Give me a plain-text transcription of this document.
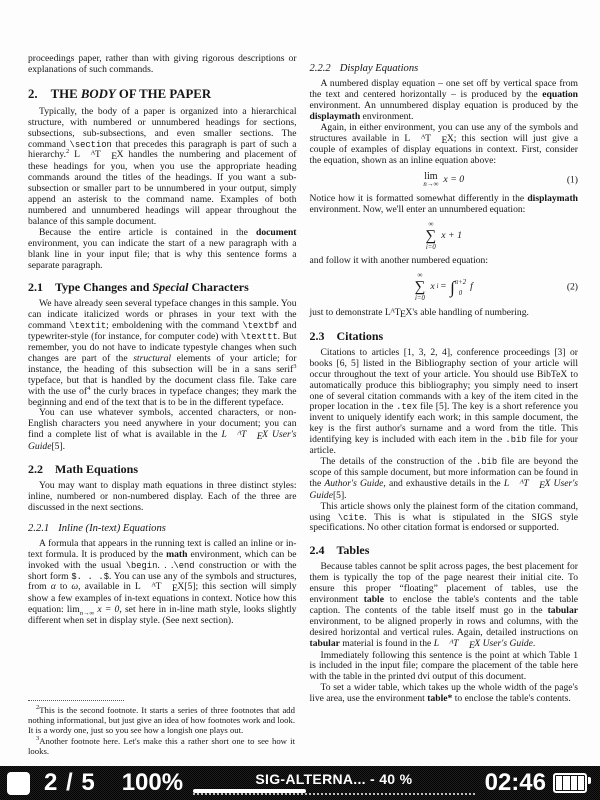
proceedings paper, rather than with giving rigorous descriptions or explanations of such commands.
2. THE BODY OF THE PAPER
Typically, the body of a paper is organized into a hierarchical structure, with numbered or unnumbered headings for sections, subsections, sub-subsections, and even smaller sections. The command \section that precedes this paragraph is part of such a hierarchy.$^2$ L AT EX handles the numbering and placement of these headings for you, when you use the appropriate heading commands around the titles of the headings. If you want a sub-subsection or smaller part to be unnumbered in your output, simply append an asterisk to the command name. Examples of both numbered and unnumbered headings will appear throughout the balance of this sample document.
Because the entire article is contained in the document environment, you can indicate the start of a new paragraph with a blank line in your input file; that is why this sentence forms a separate paragraph.
2.1 Type Changes and Special Characters
We have already seen several typeface changes in this sample. You can indicate italicized words or phrases in your text with the command \textit; emboldening with the command \textbf and typewriter-style (for instance, for computer code) with \texttt. But remember, you do not have to indicate typestyle changes when such changes are part of the structural elements of your article; for instance, the heading of this subsection will be in a sans serif$^3$ typeface, but that is handled by the document class file. Take care with the use $of^4$ the curly braces in typeface changes; they mark the beginning and end of the text that is to be in the different typeface.
You can use whatever symbols, accented characters, or non-English characters you need anywhere in your document; you can find a complete list of what is available in the L AT EX User's Guide[5].
2.2 Math Equations
You may want to display math equations in three distinct styles: inline, numbered or non-numbered display. Each of the three are discussed in the next sections.
2.2.1 Inline (In-text) Equations
A formula that appears in the running text is called an inline or in-text formula. It is produced by the math environment, which can be invoked with the usual \begin. . .\end construction or with the short form $. . .$. You can use any of the symbols and structures, from α to ω, available in L AT EX[5]; this section will simply show a few examples of in-text equations in context. Notice how this equation: $\lim_{n\to\infty} x = 0$, set here in in-line math style, looks slightly different when set in display style. (See next section).
2.2.2 Display Equations
A numbered display equation – one set off by vertical space from the text and centered horizontally – is produced by the equation environment. An unnumbered display equation is produced by the displaymath environment.
Again, in either environment, you can use any of the symbols and structures available in L AT EX; this section will just give a couple of examples of display equations in context. First, consider the equation, shown as an inline equation above:
lim
n→∞ x = 0	(1)
Notice how it is formatted somewhat differently in the displaymath environment. Now, we'll enter an unnumbered equation:
∞
∑
i=0
x + 1
and follow it with another numbered equation:
∞
∑
i=0
x i = ∫ π+2
0
f	(2)
just to demonstrate LATEX's able handling of numbering.
2.3 Citations
Citations to articles [1, 3, 2, 4], conference proceedings [3] or books [6, 5] listed in the Bibliography section of your article will occur throughout the text of your article. You should use BibTeX to automatically produce this bibliography; you simply need to insert one of several citation commands with a key of the item cited in the proper location in the .tex file [5]. The key is a short reference you invent to uniquely identify each work; in this sample document, the key is the first author's surname and a word from the title. This identifying key is included with each item in the .bib file for your article.
The details of the construction of the .bib file are beyond the scope of this sample document, but more information can be found in the Author's Guide, and exhaustive details in the L AT EX User's Guide[5].
This article shows only the plainest form of the citation command, using \cite. This is what is stipulated in the SIGS style specifications. No other citation format is endorsed or supported.
2.4 Tables
Because tables cannot be split across pages, the best placement for them is typically the top of the page nearest their initial cite. To ensure this proper “floating” placement of tables, use the environment table to enclose the table's contents and the table caption. The contents of the table itself must go in the tabular environment, to be aligned properly in rows and columns, with the desired horizontal and vertical rules. Again, detailed instructions on tabular material is found in the L AT EX User's Guide.
Immediately following this sentence is the point at which Table 1 is included in the input file; compare the placement of the table here with the table in the printed dvi output of this document.
To set a wider table, which takes up the whole width of the page's live area, use the environment table* to enclose the table's contents.
$^2$This is the second footnote. It starts a series of three footnotes that add nothing informational, but just give an idea of how footnotes work and look. It is a wordy one, just so you see how a longish one plays out.
$^3$Another footnote here. Let's make this a rather short one to see how it looks.
2 / 5 100%	SIG-ALTERNA... - 40 %	02:46
